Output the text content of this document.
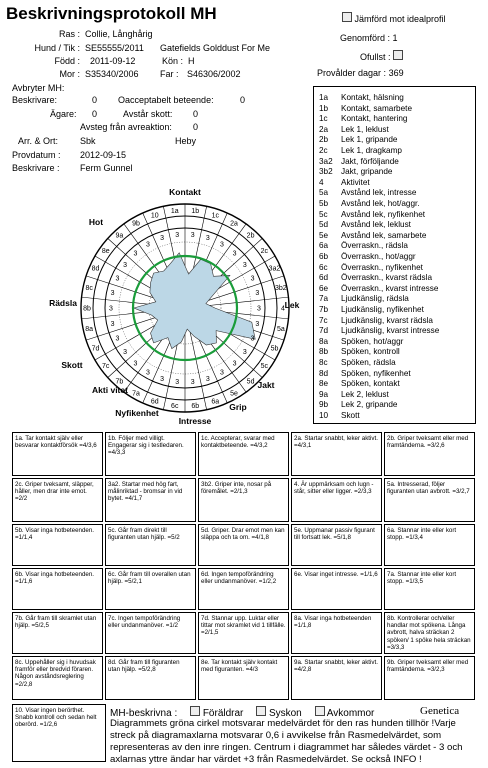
Beskrivningsprotokoll MH	Jämförd mot idealprofil
Genomförd : 1
Ofullst :
Provålder dagar : 369
Ras : Collie, Långhårig
Hund / Tik : SE55555/2011 Gatefields Golddust For Me
Född : 2011-09-12	Kön : H
Mor : S35340/2006 Far : S46306/2002
Avbryter MH:
Beskrivare:	0 Oacceptabelt beteende:	0
Ägare: 0	Avstår skott: 0
Avsteg från avreaktion: 0
Arr. & Ort: Sbk	Heby
Provdatum : 2012-09-15
Beskrivare : Ferm Gunnel
1a
3
1b
3
1c
3
2a
3
2b
3	2c
3
3a2
3
3b2
3
4
3
5a
3
5b
3
5c
3
5d
3
5e
3
6a
3
6b
3
6c
3
6d
3
7a
3
7b
3
7c
3
7d
3
8a
3
8b	3
8c
3
8d
3
8e
3
9a
3
9b
3
10
3
Kontakt
Lek
Jakt
Grip
Intresse
Nyfikenhet
Akti vitet
Skott
Rädsla
Hot
1a Kontakt, hälsning
1b Kontakt, samarbete
1c Kontakt, hantering
2a Lek 1, leklust
2b Lek 1, gripande
2c Lek 1, dragkamp
3a2 Jakt, förföljande
3b2 Jakt, gripande
4 Aktivitet
5a Avstånd lek, intresse
5b Avstånd lek, hot/aggr.
5c Avstånd lek, nyfikenhet
5d Avstånd lek, leklust
5e Avstånd lek, samarbete
6a Överraskn., rädsla
6b Överraskn., hot/aggr
6c Överraskn., nyfikenhet
6d Överraskn., kvarst rädsla
6e Överraskn., kvarst intresse
7a Ljudkänslig, rädsla
7b Ljudkänslig, nyfikenhet
7c Ljudkänslig, kvarst rädsla
7d Ljudkänslig, kvarst intresse
8a Spöken, hot/aggr
8b Spöken, kontroll
8c Spöken, rädsla
8d Spöken, nyfikenhet
8e Spöken, kontakt
9a Lek 2, leklust
9b Lek 2, gripande
10 Skott
1a. Tar kontakt själv eller besvarar kontaktförsök =4/3,6
1b. Följer med villigt. Engagerar sig i testledaren. =4/3,3
1c. Accepterar, svarar med kontaktbeteende. =4/3,2
2a. Startar snabbt, leker aktivt. =4/3,1
2b. Griper tveksamt eller med framtänderna. =3/2,6
2c. Griper tveksamt, släpper, håller, men drar inte emot. =2/2
3a2. Startar med hög fart, målinriktad - bromsar in vid bytet. =4/1,7
3b2. Griper inte, nosar på föremålet. =2/1,3
4. Är uppmärksam och lugn - står, sitter eller ligger. =2/3,3
5a. Intresserad, följer figuranten utan avbrott. =3/2,7
5b. Visar inga hotbeteenden. =1/1,4
5c. Går fram direkt till figuranten utan hjälp. =5/2
5d. Griper. Drar emot men kan släppa och ta om. =4/1,8
5e. Uppmanar passiv figurant till fortsatt lek. =5/1,8
6a. Stannar inte eller kort stopp. =1/3,4
6b. Visar inga hotbeteenden. =1/1,6
6c. Går fram till overallen utan hjälp. =5/2,1
6d. Ingen tempoförändring eller undanmanöver. =1/2,2
6e. Visar inget intresse. =1/1,6	7a. Stannar inte eller kort stopp. =1/3,5
7b. Går fram till skramlet utan hjälp. =5/2,5
7c. Ingen tempoförändring eller undanmanöver. =1/2
7d. Stannar upp. Luktar eller tittar mot skramlet vid 1 tillfälle. =2/1,5
8a. Visar inga hotbeteenden =1/1,8
8b. Kontrollerar och/eller handlar mot spökena. Långa avbrott, halva sträckan 2 spöken/ 1 spöke hela sträckan =3/3,3
8c. Uppehåller sig i huvudsak framför eller bredvid föraren. Någon avståndsreglering =2/2,8
8d. Går fram till figuranten utan hjälp. =5/2,8
8e. Tar kontakt själv kontakt med figuranten. =4/3
9a. Startar snabbt, leker aktivt. =4/2,8
9b. Griper tveksamt eller med framtänderna. =3/2,3
10. Visar ingen berörthet. Snabb kontroll och sedan helt oberörd. =1/2,6
MH-beskrivna :	Föräldrar	Syskon	Avkommor	Genetica
Diagrammets gröna cirkel motsvarar medelvärdet för den ras hunden tillhör !Varje streck på diagramaxlarna motsvarar 0,6 i avvikelse från Rasmedelvärdet, som representeras av den inre ringen. Centrum i diagrammet har således värdet - 3 och axlarnas yttre ändar har värdet +3 från Rasmedelvärdet. Se också INFO !
